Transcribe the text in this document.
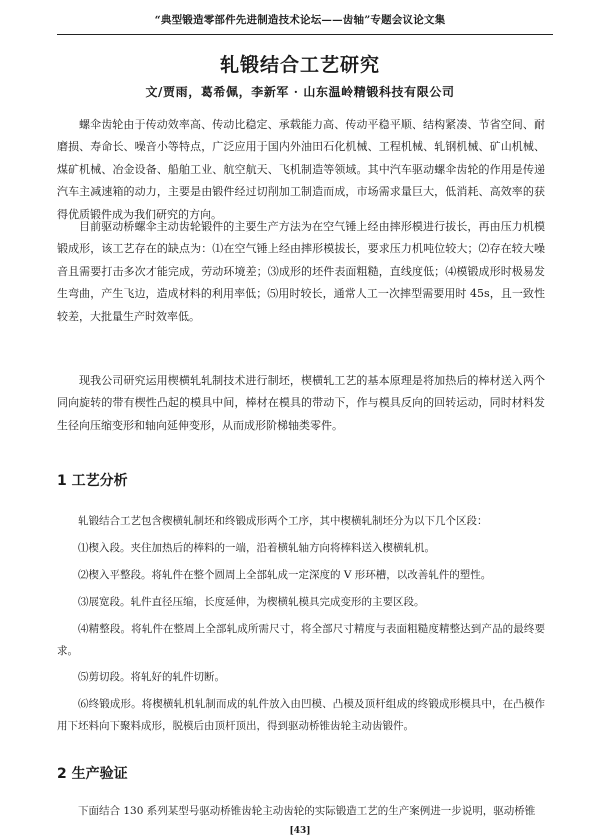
“典型锻造零部件先进制造技术论坛——齿轴”专题会议论文集
轧锻结合工艺研究
文/贾雨，葛希佩，李新军 · 山东温岭精锻科技有限公司
螺伞齿轮由于传动效率高、传动比稳定、承载能力高、传动平稳平顺、结构紧凑、节省空间、耐磨损、寿命长、噪音小等特点，广泛应用于国内外油田石化机械、工程机械、轧钢机械、矿山机械、煤矿机械、冶金设备、船舶工业、航空航天、飞机制造等领域。其中汽车驱动螺伞齿轮的作用是传递汽车主减速箱的动力，主要是由锻件经过切削加工制造而成，市场需求量巨大，低消耗、高效率的获得优质锻件成为我们研究的方向。
目前驱动桥螺伞主动齿轮锻件的主要生产方法为在空气锤上经由摔形模进行拔长，再由压力机模锻成形，该工艺存在的缺点为：⑴在空气锤上经由摔形模拔长，要求压力机吨位较大；⑵存在较大噪音且需要打击多次才能完成，劳动环境差；⑶成形的坯件表面粗糙，直线度低；⑷模锻成形时极易发生弯曲，产生飞边，造成材料的利用率低；⑸用时较长，通常人工一次摔型需要用时 45s，且一致性较差，大批量生产时效率低。
现我公司研究运用楔横轧轧制技术进行制坯，楔横轧工艺的基本原理是将加热后的棒材送入两个同向旋转的带有楔性凸起的模具中间，棒材在模具的带动下，作与模具反向的回转运动，同时材料发生径向压缩变形和轴向延伸变形，从而成形阶梯轴类零件。
1 工艺分析
轧锻结合工艺包含楔横轧制坯和终锻成形两个工序，其中楔横轧制坯分为以下几个区段：
⑴楔入段。夹住加热后的棒料的一端，沿着横轧轴方向将棒料送入楔横轧机。
⑵楔入平整段。将轧件在整个圆周上全部轧成一定深度的 V 形环槽，以改善轧件的塑性。
⑶展宽段。轧件直径压缩，长度延伸，为楔横轧模具完成变形的主要区段。
⑷精整段。将轧件在整周上全部轧成所需尺寸，将全部尺寸精度与表面粗糙度精整达到产品的最终要求。
⑸剪切段。将轧好的轧件切断。
⑹终锻成形。将楔横轧机轧制而成的轧件放入由凹模、凸模及顶杆组成的终锻成形模具中，在凸模作用下坯料向下聚料成形，脱模后由顶杆顶出，得到驱动桥锥齿轮主动齿锻件。
2 生产验证
下面结合 130 系列某型号驱动桥锥齿轮主动齿轮的实际锻造工艺的生产案例进一步说明，驱动桥锥
[43]
